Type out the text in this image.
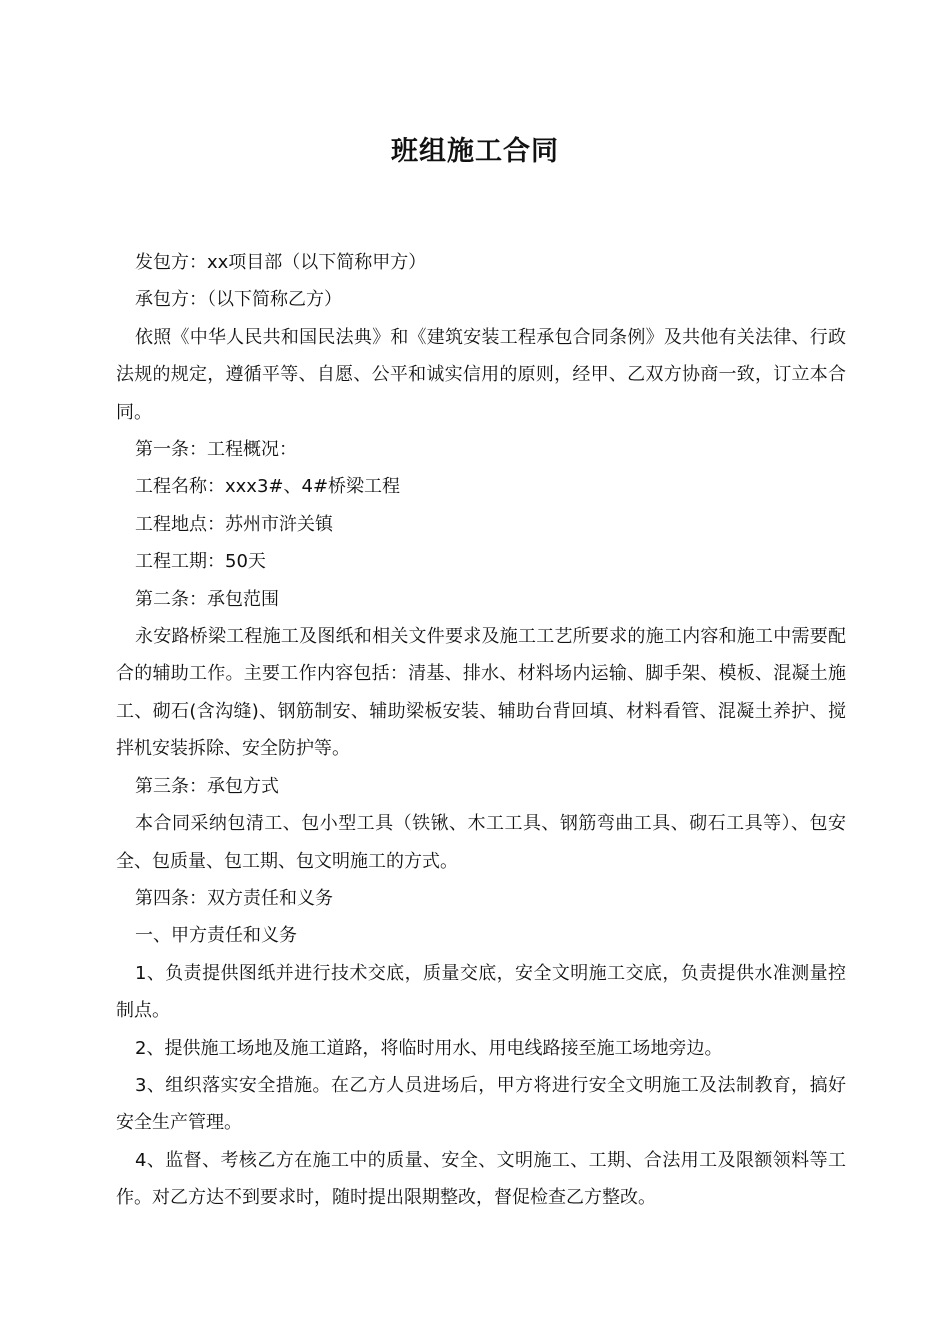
班组施工合同

发包方：xx项目部（以下简称甲方）

承包方：（以下简称乙方）

依照《中华人民共和国民法典》和《建筑安装工程承包合同条例》及共他有关法律、行政法规的规定，遵循平等、自愿、公平和诚实信用的原则，经甲、乙双方协商一致，订立本合同。

第一条：工程概况：

工程名称：xxx3#、4#桥梁工程

工程地点：苏州市浒关镇

工程工期：50天

第二条：承包范围

永安路桥梁工程施工及图纸和相关文件要求及施工工艺所要求的施工内容和施工中需要配合的辅助工作。主要工作内容包括：清基、排水、材料场内运输、脚手架、模板、混凝土施工、砌石(含沟缝)、钢筋制安、辅助梁板安装、辅助台背回填、材料看管、混凝土养护、搅拌机安装拆除、安全防护等。

第三条：承包方式

本合同采纳包清工、包小型工具（铁锹、木工工具、钢筋弯曲工具、砌石工具等）、包安全、包质量、包工期、包文明施工的方式。

第四条：双方责任和义务

一、甲方责任和义务

1、负责提供图纸并进行技术交底，质量交底，安全文明施工交底，负责提供水准测量控制点。

2、提供施工场地及施工道路，将临时用水、用电线路接至施工场地旁边。

3、组织落实安全措施。在乙方人员进场后，甲方将进行安全文明施工及法制教育，搞好安全生产管理。

4、监督、考核乙方在施工中的质量、安全、文明施工、工期、合法用工及限额领料等工作。对乙方达不到要求时，随时提出限期整改，督促检查乙方整改。
